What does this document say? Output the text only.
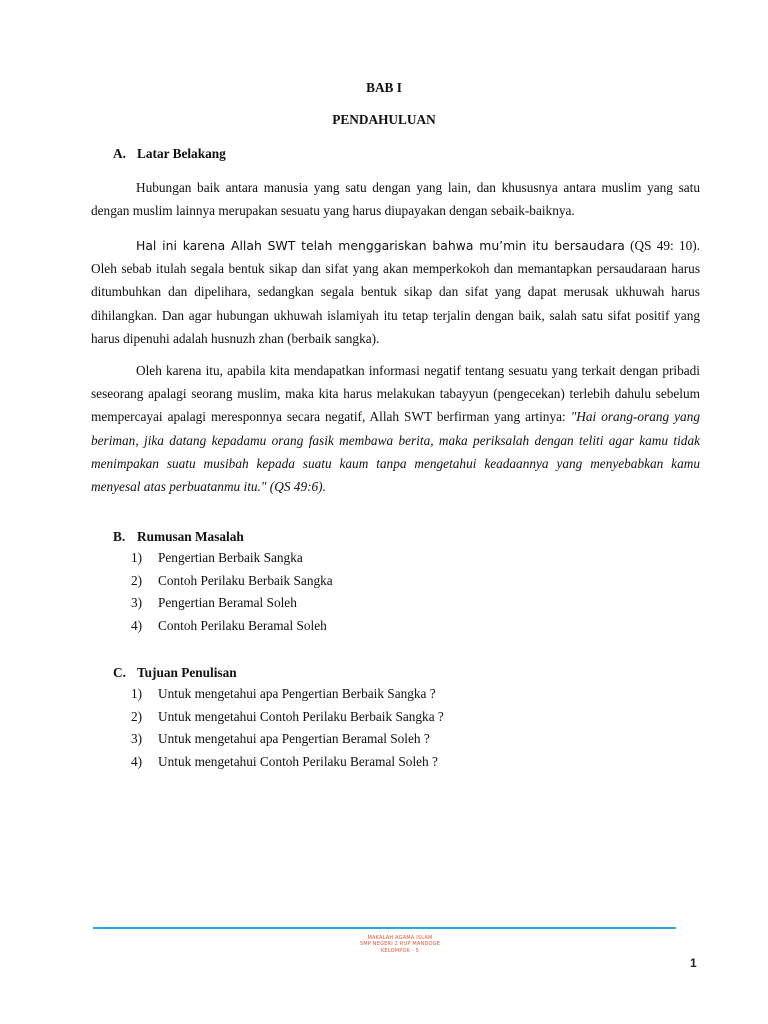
BAB I
PENDAHULUAN
A. Latar Belakang
Hubungan baik antara manusia yang satu dengan yang lain, dan khususnya antara muslim yang satu dengan muslim lainnya merupakan sesuatu yang harus diupayakan dengan sebaik-baiknya.
Hal ini karena Allah SWT telah menggariskan bahwa mu’min itu bersaudara (QS 49: 10). Oleh sebab itulah segala bentuk sikap dan sifat yang akan memperkokoh dan memantapkan persaudaraan harus ditumbuhkan dan dipelihara, sedangkan segala bentuk sikap dan sifat yang dapat merusak ukhuwah harus dihilangkan. Dan agar hubungan ukhuwah islamiyah itu tetap terjalin dengan baik, salah satu sifat positif yang harus dipenuhi adalah husnuzh zhan (berbaik sangka).
Oleh karena itu, apabila kita mendapatkan informasi negatif tentang sesuatu yang terkait dengan pribadi seseorang apalagi seorang muslim, maka kita harus melakukan tabayyun (pengecekan) terlebih dahulu sebelum mempercayai apalagi meresponnya secara negatif, Allah SWT berfirman yang artinya: "Hai orang-orang yang beriman, jika datang kepadamu orang fasik membawa berita, maka periksalah dengan teliti agar kamu tidak menimpakan suatu musibah kepada suatu kaum tanpa mengetahui keadaannya yang menyebabkan kamu menyesal atas perbuatanmu itu." (QS 49:6).
B. Rumusan Masalah
1) Pengertian Berbaik Sangka
2) Contoh Perilaku Berbaik Sangka
3) Pengertian Beramal Soleh
4) Contoh Perilaku Beramal Soleh
C. Tujuan Penulisan
1) Untuk mengetahui apa Pengertian Berbaik Sangka ?
2) Untuk mengetahui Contoh Perilaku Berbaik Sangka ?
3) Untuk mengetahui apa Pengertian Beramal Soleh ?
4) Untuk mengetahui Contoh Perilaku Beramal Soleh ?
MAKALAH AGAMA ISLAM
SMP NEGERI 2 RUP MANDOGE
KELOMPOK - 5
1
